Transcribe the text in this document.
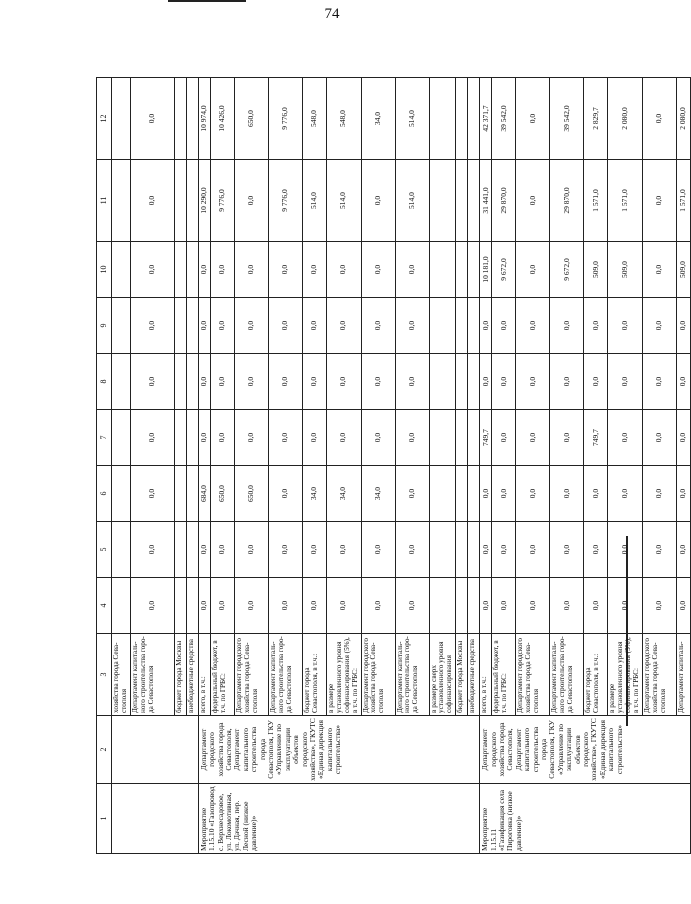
74
1	2	3	4	5	6	7	8	9	10	11	12
		хозяйства города Сева-стополя									
		Департамент капиталь-ного строительства горо-да Севастополя	0,0	0,0	0,0	0,0	0,0	0,0	0,0	0,0	0,0
		бюджет города Москвы									
		внебюджетные средства									
Мероприятие 1.15.10 «Газопровод с. Верхнесадовое, ул. Локомотивная, ул. Дачная, пер. Лесной (низкое давление)»	Департамент городского хозяйства города Севастополя, Департамент капитального строительства города Севастополя, ГКУ «Управление по эксплуатации объектов городского хозяйства», ГКУТС «Единая дирекция капитального строительства»	всего, в т.ч.:	0,0	0,0	684,0	0,0	0,0	0,0	0,0	10 290,0	10 974,0
		федеральный бюджет, в т.ч. по ГРБС:	0,0	0,0	650,0	0,0	0,0	0,0	0,0	9 776,0	10 426,0
		Департамент городского хозяйства города Сева-стополя	0,0	0,0	650,0	0,0	0,0	0,0	0,0	0,0	650,0
		Департамент капиталь-ного строительства горо-да Севастополя	0,0	0,0	0,0	0,0	0,0	0,0	0,0	9 776,0	9 776,0
		бюджет города Севастополя, в т.ч.:	0,0	0,0	34,0	0,0	0,0	0,0	0,0	514,0	548,0
		в размере установленного уровня софинансирования (5%), в т.ч. по ГРБС:	0,0	0,0	34,0	0,0	0,0	0,0	0,0	514,0	548,0
		Департамент городского хозяйства города Сева-стополя	0,0	0,0	34,0	0,0	0,0	0,0	0,0	0,0	34,0
		Департамент капиталь-ного строительства горо-да Севастополя	0,0	0,0	0,0	0,0	0,0	0,0	0,0	514,0	514,0
		в размере сверх установленного уровня софинансирования									
		бюджет города Москвы									
		внебюджетные средства									
Мероприятие 1.15.11 «Газификация села Пироговка (низкое давление)»	Департамент городского хозяйства города Севастополя, Департамент капитального строительства города Севастополя, ГКУ «Управление по эксплуатации объектов городского хозяйства», ГКУТС «Единая дирекция капитального строительства»	всего, в т.ч.:	0,0	0,0	0,0	749,7	0,0	0,0	10 181,0	31 441,0	42 371,7
		федеральный бюджет, в т.ч. по ГРБС:	0,0	0,0	0,0	0,0	0,0	0,0	9 672,0	29 870,0	39 542,0
		Департамент городского хозяйства города Сева-стополя	0,0	0,0	0,0	0,0	0,0	0,0	0,0	0,0	0,0
		Департамент капиталь-ного строительства горо-да Севастополя	0,0	0,0	0,0	0,0	0,0	0,0	9 672,0	29 870,0	39 542,0
		бюджет города Севастополя, в т.ч.:	0,0	0,0	0,0	749,7	0,0	0,0	509,0	1 571,0	2 829,7
		в размере установленного уровня софинансирования (5%), в т.ч. по ГРБС:	0,0	0,0	0,0	0,0	0,0	0,0	509,0	1 571,0	2 080,0
		Департамент городского хозяйства города Сева-стополя	0,0	0,0	0,0	0,0	0,0	0,0	0,0	0,0	0,0
		Департамент капиталь-	0,0	0,0	0,0	0,0	0,0	0,0	509,0	1 571,0	2 080,0
